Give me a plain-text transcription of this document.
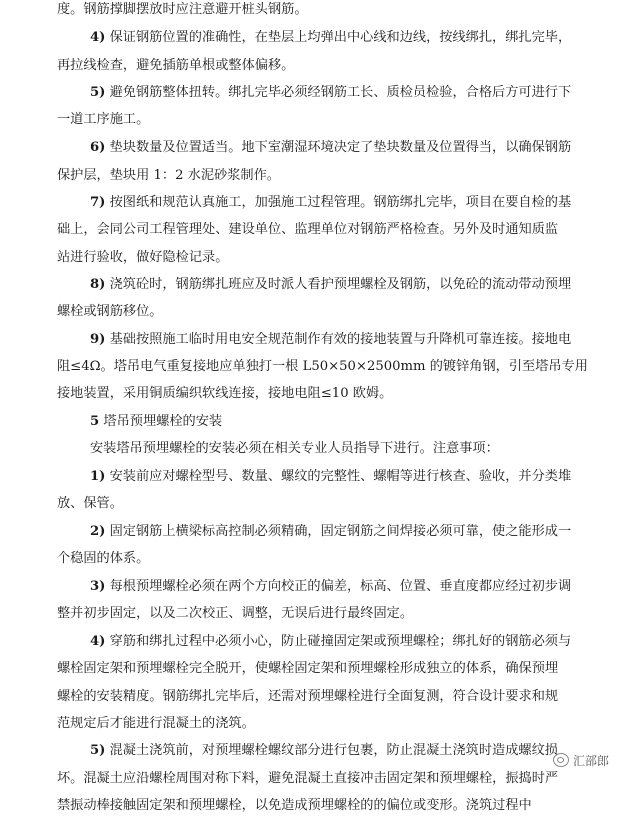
度。钢筋撑脚摆放时应注意避开桩头钢筋。
4) 保证钢筋位置的准确性，在垫层上均弹出中心线和边线，按线绑扎，绑扎完毕，
再拉线检查，避免插筋单根或整体偏移。
5) 避免钢筋整体扭转。绑扎完毕必须经钢筋工长、质检员检验，合格后方可进行下
一道工序施工。
6) 垫块数量及位置适当。地下室潮湿环境决定了垫块数量及位置得当，以确保钢筋
保护层，垫块用 1：2 水泥砂浆制作。
7) 按图纸和规范认真施工，加强施工过程管理。钢筋绑扎完毕，项目在要自检的基
础上，会同公司工程管理处、建设单位、监理单位对钢筋严格检查。另外及时通知质监
站进行验收，做好隐检记录。
8) 浇筑砼时，钢筋绑扎班应及时派人看护预埋螺栓及钢筋，以免砼的流动带动预埋
螺栓或钢筋移位。
9) 基础按照施工临时用电安全规范制作有效的接地装置与升降机可靠连接。接地电
阻≤4Ω。塔吊电气重复接地应单独打一根 L50×50×2500mm 的镀锌角钢，引至塔吊专用
接地装置，采用铜质编织软线连接，接地电阻≤10 欧姆。
5 塔吊预埋螺栓的安装
安装塔吊预埋螺栓的安装必须在相关专业人员指导下进行。注意事项：
1) 安装前应对螺栓型号、数量、螺纹的完整性、螺帽等进行核查、验收，并分类堆
放、保管。
2) 固定钢筋上横梁标高控制必须精确，固定钢筋之间焊接必须可靠，使之能形成一
个稳固的体系。
3) 每根预埋螺栓必须在两个方向校正的偏差，标高、位置、垂直度都应经过初步调
整并初步固定，以及二次校正、调整，无误后进行最终固定。
4) 穿筋和绑扎过程中必须小心，防止碰撞固定架或预埋螺栓；绑扎好的钢筋必须与
螺栓固定架和预埋螺栓完全脱开，使螺栓固定架和预埋螺栓形成独立的体系，确保预埋
螺栓的安装精度。钢筋绑扎完毕后，还需对预埋螺栓进行全面复测，符合设计要求和规
范规定后才能进行混凝土的浇筑。
5) 混凝土浇筑前，对预埋螺栓螺纹部分进行包裹，防止混凝土浇筑时造成螺纹损
坏。混凝土应沿螺栓周围对称下料，避免混凝土直接冲击固定架和预埋螺栓，振捣时严
禁振动棒接触固定架和预埋螺栓，以免造成预埋螺栓的的偏位或变形。浇筑过程中
汇部郎
